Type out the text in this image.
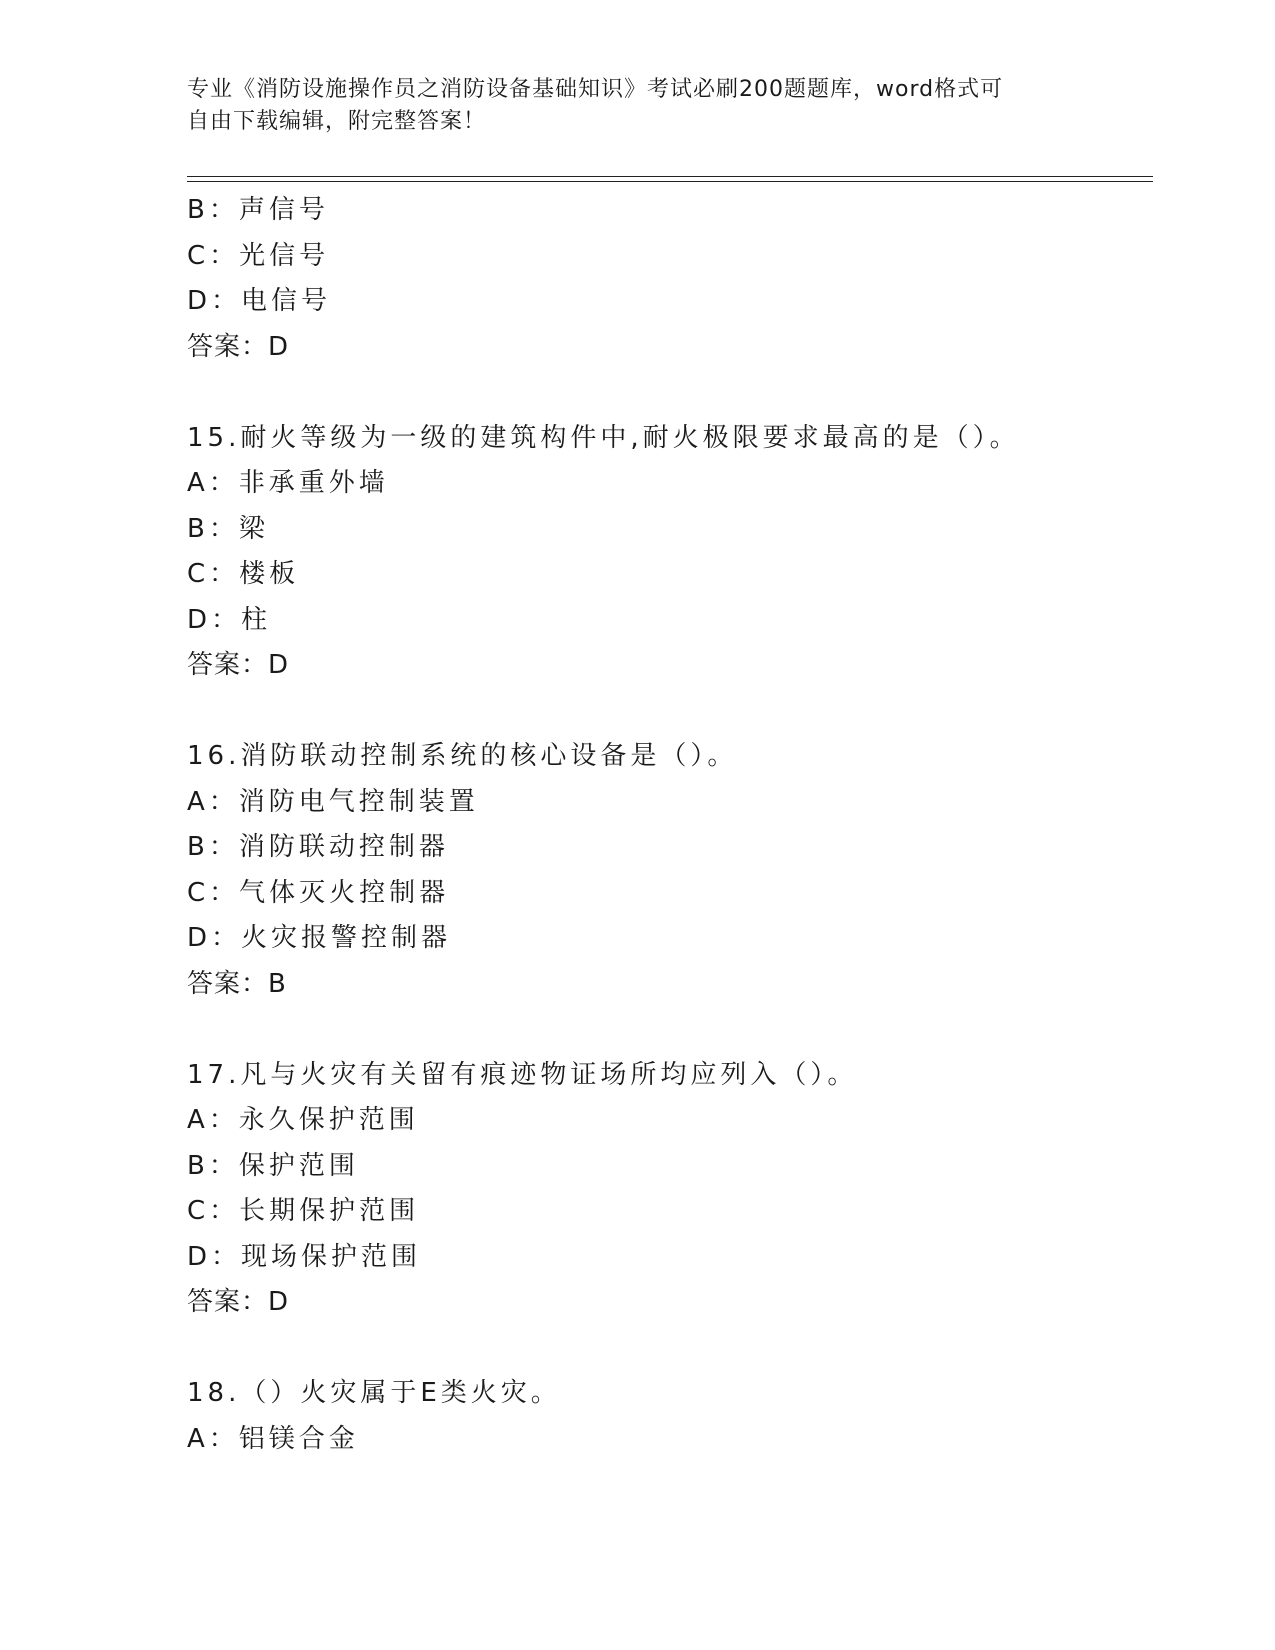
专业《消防设施操作员之消防设备基础知识》考试必刷200题题库，word格式可
自由下载编辑，附完整答案！
B：声信号
C：光信号
D：电信号
答案：D
15.耐火等级为一级的建筑构件中,耐火极限要求最高的是（）。
A：非承重外墙
B：梁
C：楼板
D：柱
答案：D
16.消防联动控制系统的核心设备是（）。
A：消防电气控制装置
B：消防联动控制器
C：气体灭火控制器
D：火灾报警控制器
答案：B
17.凡与火灾有关留有痕迹物证场所均应列入（）。
A：永久保护范围
B：保护范围
C：长期保护范围
D：现场保护范围
答案：D
18.（）火灾属于E类火灾。
A：铝镁合金
